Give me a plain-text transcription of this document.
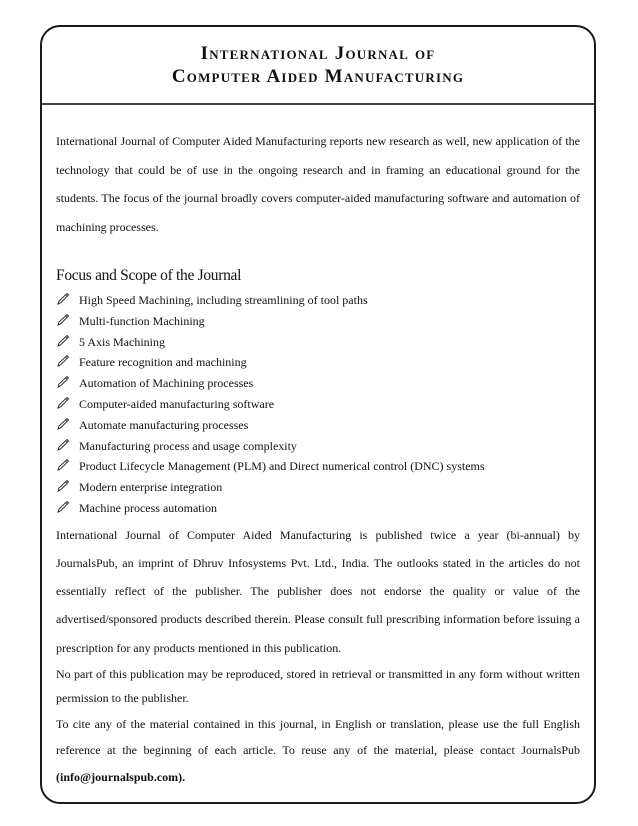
International Journal of
Computer Aided Manufacturing

International Journal of Computer Aided Manufacturing reports new research as well, new application of the technology that could be of use in the ongoing research and in framing an educational ground for the students. The focus of the journal broadly covers computer-aided manufacturing software and automation of machining processes.

Focus and Scope of the Journal
High Speed Machining, including streamlining of tool paths
Multi-function Machining
5 Axis Machining
Feature recognition and machining
Automation of Machining processes
Computer-aided manufacturing software
Automate manufacturing processes
Manufacturing process and usage complexity
Product Lifecycle Management (PLM) and Direct numerical control (DNC) systems
Modern enterprise integration
Machine process automation

International Journal of Computer Aided Manufacturing is published twice a year (bi-annual) by JournalsPub, an imprint of Dhruv Infosystems Pvt. Ltd., India. The outlooks stated in the articles do not essentially reflect of the publisher. The publisher does not endorse the quality or value of the advertised/sponsored products described therein. Please consult full prescribing information before issuing a prescription for any products mentioned in this publication.

No part of this publication may be reproduced, stored in retrieval or transmitted in any form without written permission to the publisher.

To cite any of the material contained in this journal, in English or translation, please use the full English reference at the beginning of each article. To reuse any of the material, please contact JournalsPub (info@journalspub.com).
